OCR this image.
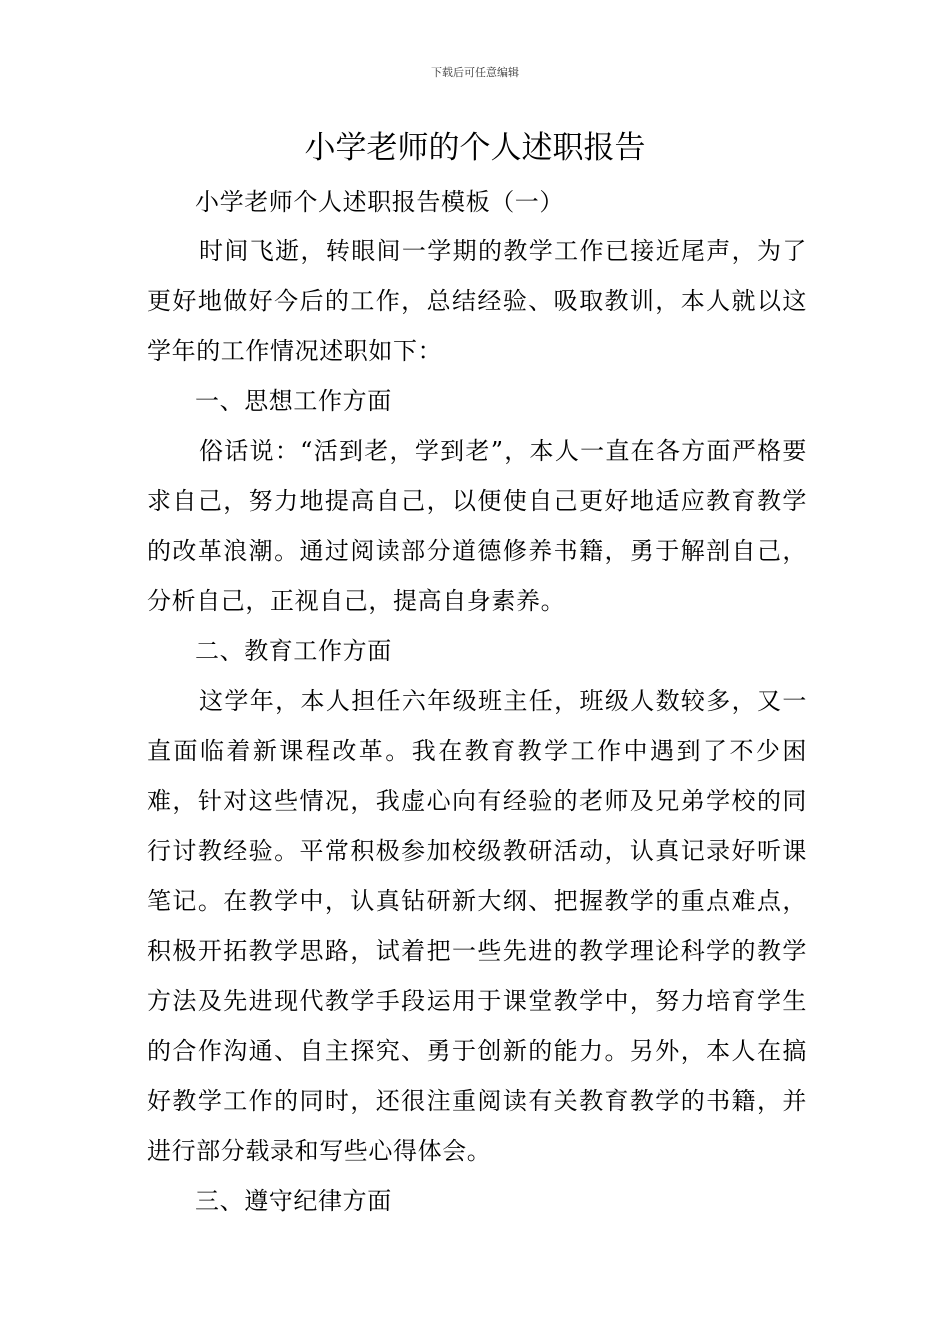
下载后可任意编辑
小学老师的个人述职报告

小学老师个人述职报告模板（一）

时间飞逝，转眼间一学期的教学工作已接近尾声，为了更好地做好今后的工作，总结经验、吸取教训，本人就以这学年的工作情况述职如下：

一、思想工作方面

俗话说：“活到老，学到老”，本人一直在各方面严格要求自己，努力地提高自己，以便使自己更好地适应教育教学的改革浪潮。通过阅读部分道德修养书籍，勇于解剖自己，分析自己，正视自己，提高自身素养。

二、教育工作方面

这学年，本人担任六年级班主任，班级人数较多，又一直面临着新课程改革。我在教育教学工作中遇到了不少困难，针对这些情况，我虚心向有经验的老师及兄弟学校的同行讨教经验。平常积极参加校级教研活动，认真记录好听课笔记。在教学中，认真钻研新大纲、把握教学的重点难点，积极开拓教学思路，试着把一些先进的教学理论科学的教学方法及先进现代教学手段运用于课堂教学中，努力培育学生的合作沟通、自主探究、勇于创新的能力。另外，本人在搞好教学工作的同时，还很注重阅读有关教育教学的书籍，并进行部分载录和写些心得体会。

三、遵守纪律方面
